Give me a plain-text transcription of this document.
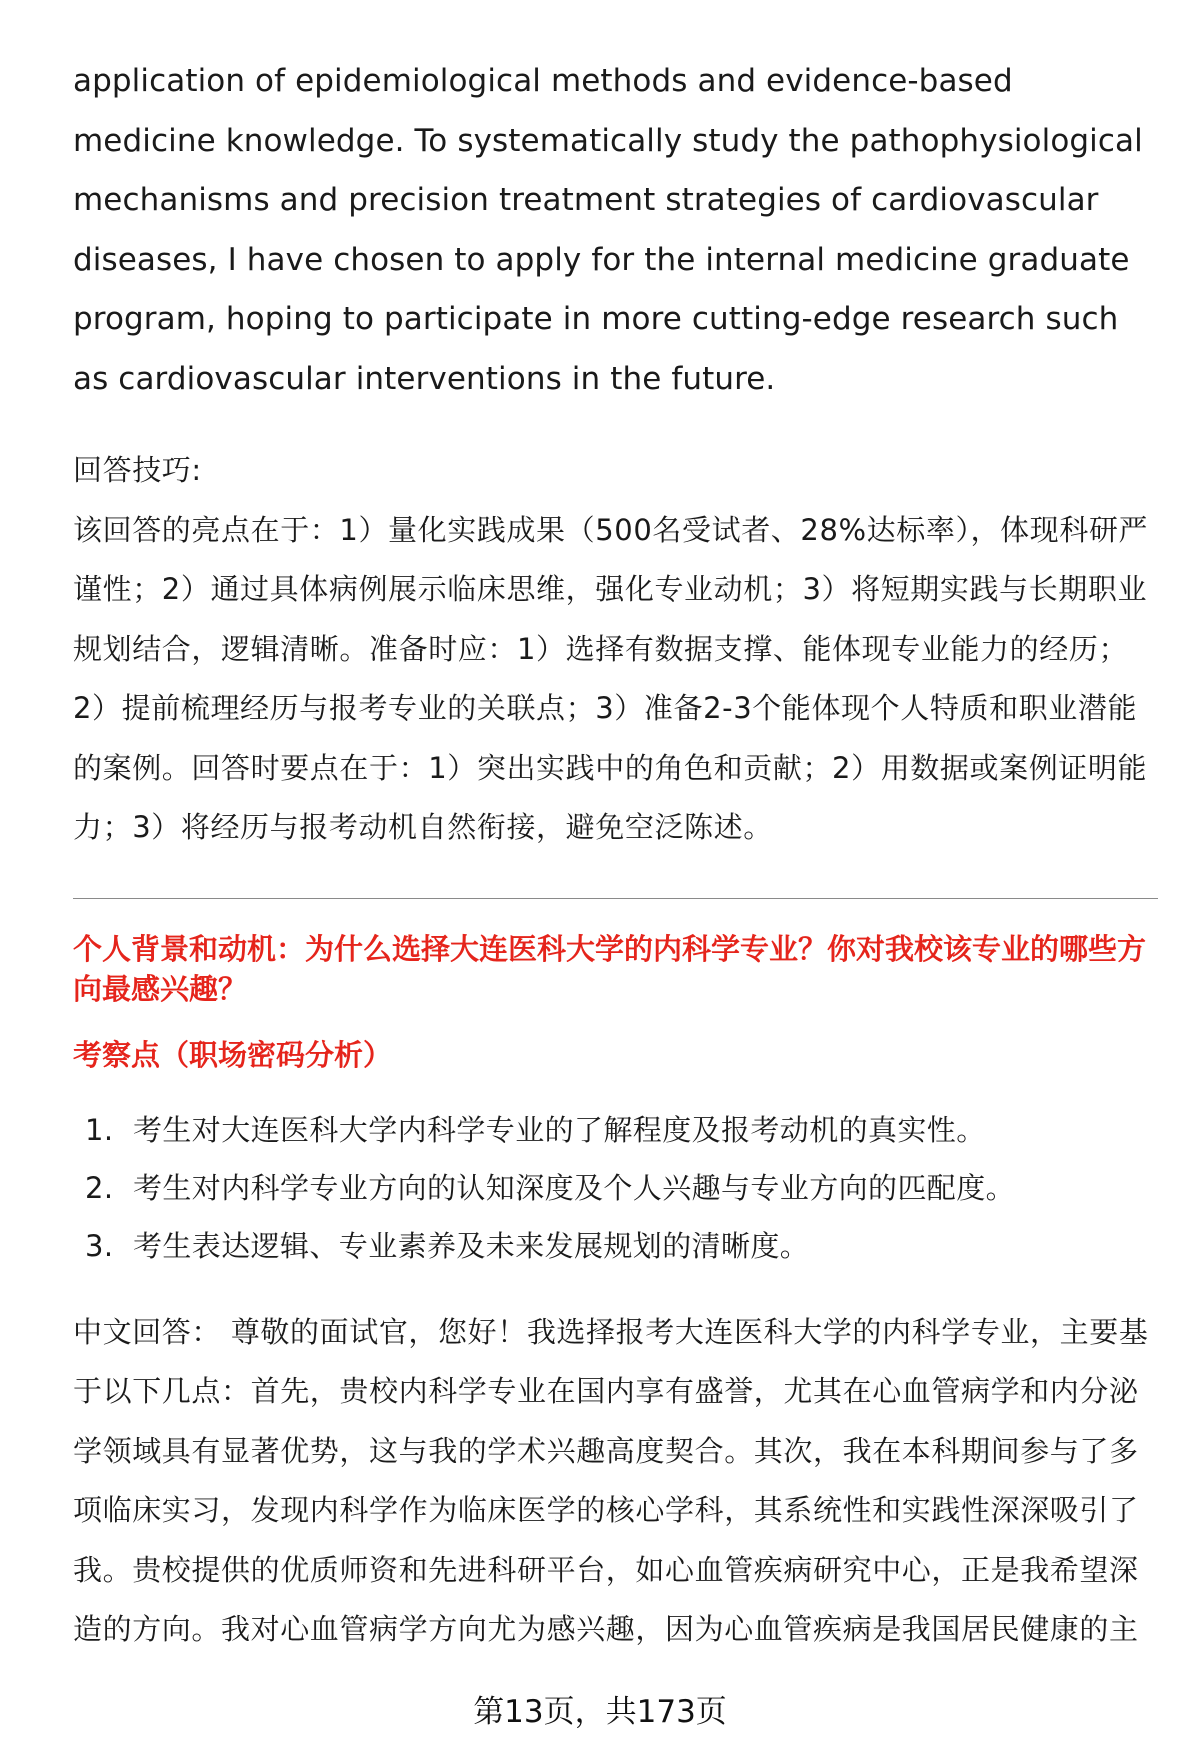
application of epidemiological methods and evidence-based medicine knowledge. To systematically study the pathophysiological mechanisms and precision treatment strategies of cardiovascular diseases, I have chosen to apply for the internal medicine graduate program, hoping to participate in more cutting-edge research such as cardiovascular interventions in the future.

回答技巧:

该回答的亮点在于：1）量化实践成果（500名受试者、28%达标率），体现科研严谨性；2）通过具体病例展示临床思维，强化专业动机；3）将短期实践与长期职业规划结合，逻辑清晰。准备时应：1）选择有数据支撑、能体现专业能力的经历；2）提前梳理经历与报考专业的关联点；3）准备2-3个能体现个人特质和职业潜能的案例。回答时要点在于：1）突出实践中的角色和贡献；2）用数据或案例证明能力；3）将经历与报考动机自然衔接，避免空泛陈述。

个人背景和动机：为什么选择大连医科大学的内科学专业？你对我校该专业的哪些方向最感兴趣？
考察点（职场密码分析）
1. 考生对大连医科大学内科学专业的了解程度及报考动机的真实性。
2. 考生对内科学专业方向的认知深度及个人兴趣与专业方向的匹配度。
3. 考生表达逻辑、专业素养及未来发展规划的清晰度。

中文回答： 尊敬的面试官，您好！我选择报考大连医科大学的内科学专业，主要基于以下几点：首先，贵校内科学专业在国内享有盛誉，尤其在心血管病学和内分泌学领域具有显著优势，这与我的学术兴趣高度契合。其次，我在本科期间参与了多项临床实习，发现内科学作为临床医学的核心学科，其系统性和实践性深深吸引了我。贵校提供的优质师资和先进科研平台，如心血管疾病研究中心，正是我希望深造的方向。我对心血管病学方向尤为感兴趣，因为心血管疾病是我国居民健康的主

第13页，共173页
